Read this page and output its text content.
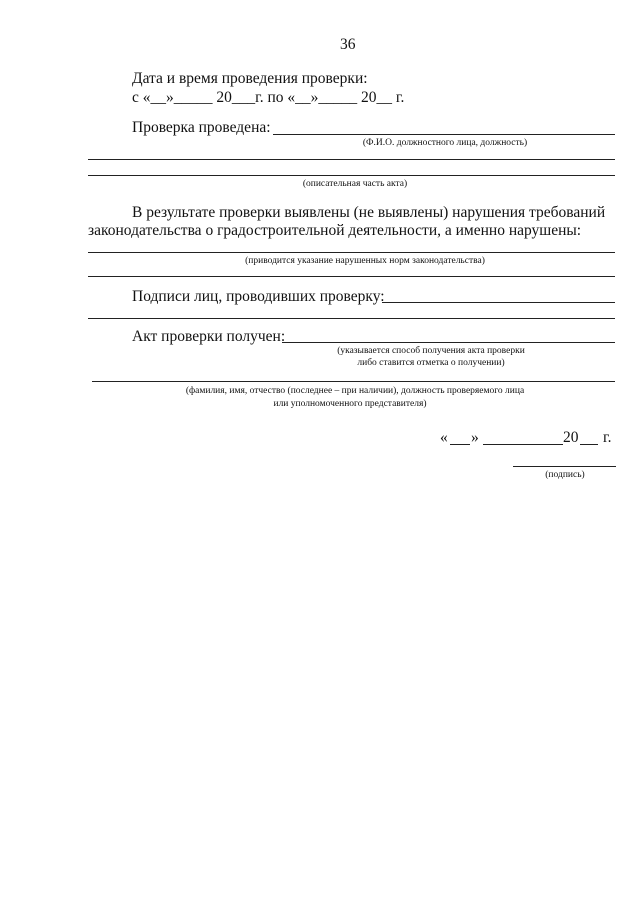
36
Дата и время проведения проверки:
с «__»_____ 20___г. по «__»_____ 20__ г.
Проверка проведена:
(Ф.И.О. должностного лица, должность)
(описательная часть акта)
В результате проверки выявлены (не выявлены) нарушения требований
законодательства о градостроительной деятельности, а именно нарушены:
(приводится указание нарушенных норм законодательства)
Подписи лиц, проводивших проверку:
Акт проверки получен:
(указывается способ получения акта проверки
либо ставится отметка о получении)
(фамилия, имя, отчество (последнее – при наличии), должность проверяемого лица
или уполномоченного представителя)
« »	20 г.
(подпись)
